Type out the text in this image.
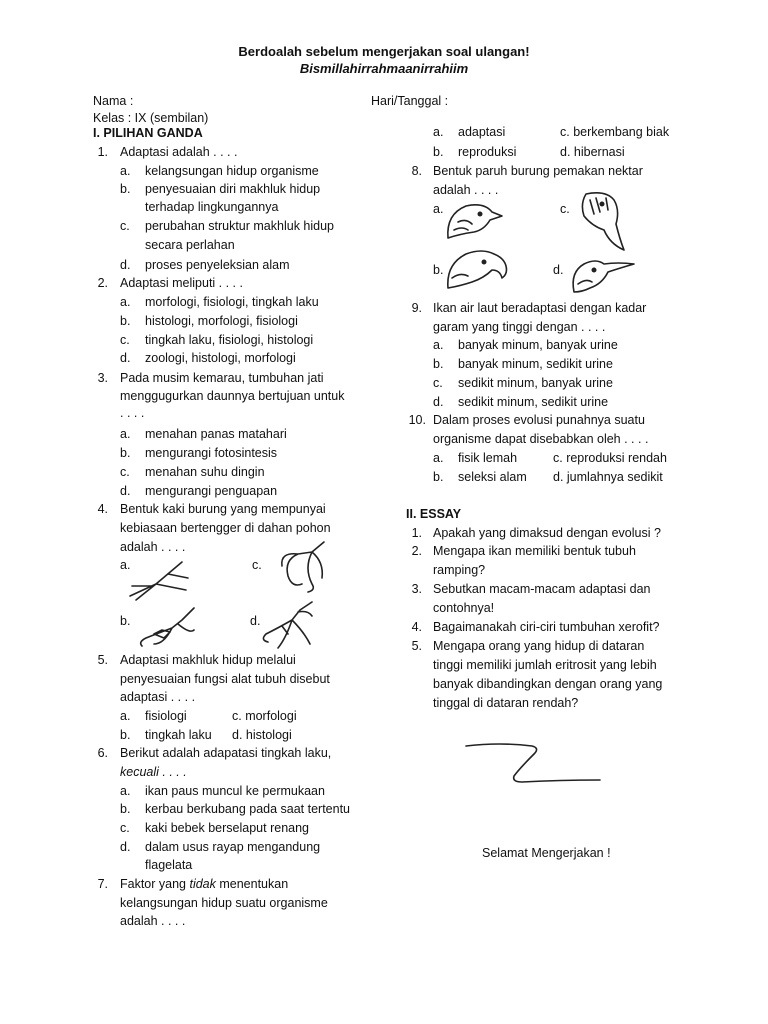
Berdoalah sebelum mengerjakan soal ulangan!
Bismillahirrahmaanirrahiim
Nama :
Kelas : IX (sembilan)
Hari/Tanggal :
I. PILIHAN GANDA
1. Adaptasi adalah . . . .
a.	kelangsungan hidup organisme
b.	penyesuaian diri makhluk hidup
terhadap lingkungannya
c.	perubahan struktur makhluk hidup
secara perlahan
d.	proses penyeleksian alam
2. Adaptasi meliputi . . . .
a.	morfologi, fisiologi, tingkah laku
b.	histologi, morfologi, fisiologi
c.	tingkah laku, fisiologi, histologi
d.	zoologi, histologi, morfologi
3. Pada musim kemarau, tumbuhan jati
menggugurkan daunnya bertujuan untuk
. . . .
a.	menahan panas matahari
b.	mengurangi fotosintesis
c.	menahan suhu dingin
d.	mengurangi penguapan
4. Bentuk kaki burung yang mempunyai
kebiasaan bertengger di dahan pohon
adalah . . . .
a.	c.
b.	d.
5. Adaptasi makhluk hidup melalui
penyesuaian fungsi alat tubuh disebut
adaptasi . . . .
a.	fisiologi	c. morfologi
b.	tingkah laku d. histologi
6. Berikut adalah adapatasi tingkah laku,
kecuali . . . .
a.	ikan paus muncul ke permukaan
b.	kerbau berkubang pada saat tertentu
c.	kaki bebek berselaput renang
d.	dalam usus rayap mengandung
flagelata
7. Faktor yang tidak menentukan
kelangsungan hidup suatu organisme
adalah . . . .
a.	adaptasi	c. berkembang biak
b.	reproduksi	d. hibernasi
8. Bentuk paruh burung pemakan nektar
adalah . . . .
a.	c.
b.	d.
9. Ikan air laut beradaptasi dengan kadar
garam yang tinggi dengan . . . .
a.	banyak minum, banyak urine
b.	banyak minum, sedikit urine
c.	sedikit minum, banyak urine
d.	sedikit minum, sedikit urine
10. Dalam proses evolusi punahnya suatu
organisme dapat disebabkan oleh . . . .
a.	fisik lemah	c. reproduksi rendah
b.	seleksi alam d. jumlahnya sedikit
II. ESSAY
1. Apakah yang dimaksud dengan evolusi ?
2. Mengapa ikan memiliki bentuk tubuh
ramping?
3. Sebutkan macam-macam adaptasi dan
contohnya!
4. Bagaimanakah ciri-ciri tumbuhan xerofit?
5. Mengapa orang yang hidup di dataran
tinggi memiliki jumlah eritrosit yang lebih
banyak dibandingkan dengan orang yang
tinggal di dataran rendah?
Selamat Mengerjakan !
